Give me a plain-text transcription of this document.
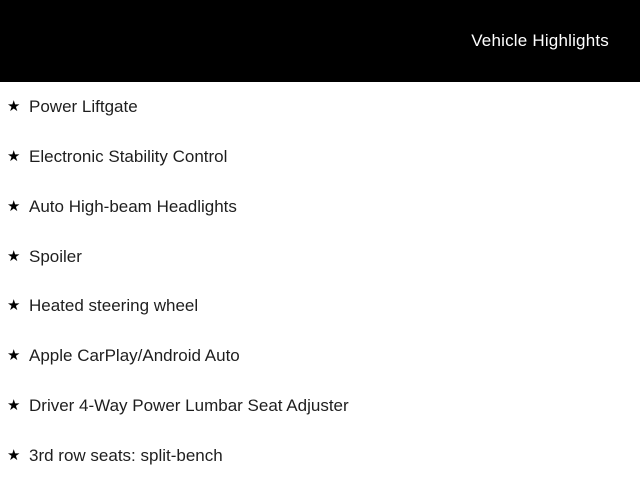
Vehicle Highlights
★ Power Liftgate
★ Electronic Stability Control
★ Auto High-beam Headlights
★ Spoiler
★ Heated steering wheel
★ Apple CarPlay/Android Auto
★ Driver 4-Way Power Lumbar Seat Adjuster
★ 3rd row seats: split-bench
